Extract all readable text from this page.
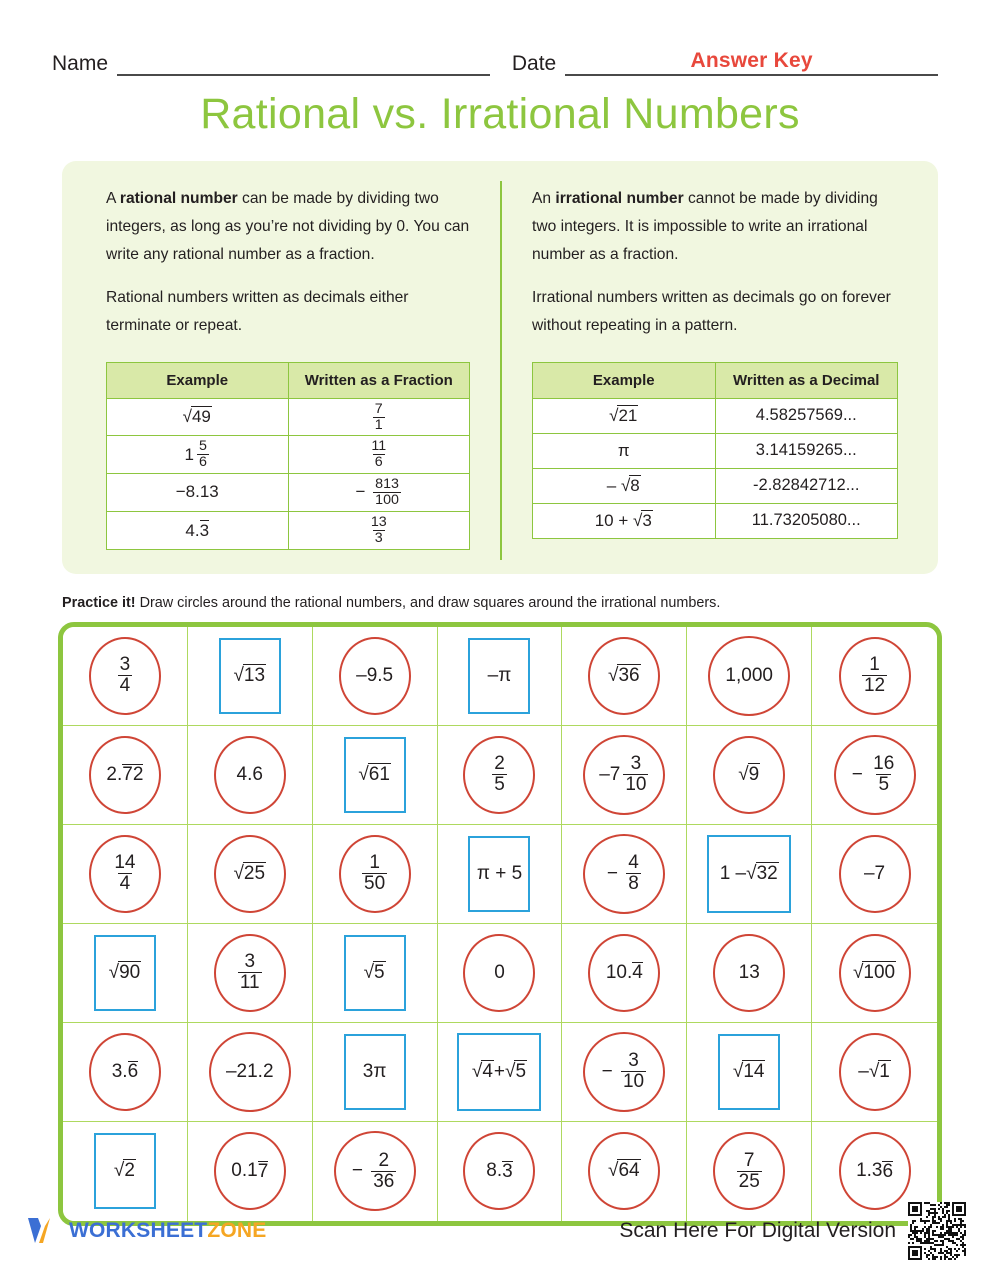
Name	Date	Answer Key
Rational vs. Irrational Numbers

A rational number can be made by dividing two integers, as long as you’re not dividing by 0. You can write any rational number as a fraction.

Rational numbers written as decimals either terminate or repeat.

Example	Written as a Fraction
√49	$\frac{7}{1}$

$1 \frac{5}{6}$	$\frac{11}{6}$

−8.13	− $\frac{813}{100}$

4.3	$\frac{13}{3}$

An irrational number cannot be made by dividing two integers. It is impossible to write an irrational number as a fraction.

Irrational numbers written as decimals go on forever without repeating in a pattern.

Example	Written as a Decimal
√21	4.58257569...
π	3.14159265...
– √8	-2.82842712...
10 + √3	11.73205080...
Practice it! Draw circles around the rational numbers, and draw squares around the irrational numbers.
$\frac{3}{4}$	√13	–9.5	–π	√36	1,000	$\frac{1}{12}$
2. 72	4.6	√61	$\frac{2}{5}$	$-7 \frac{3}{10}$	√9	− $\frac{16}{5}$
$\frac{14}{4}$	√25	$\frac{1}{50}$	π + 5	− $\frac{4}{8}$	1 – √32	–7
√90	$\frac{3}{11}$	√5	0	10. 4	13	√100
3. 6	–21.2	3π	√4 + √5	− $\frac{3}{10}$	√14	– √1
√2	0.1 7	− $\frac{2}{36}$	8. 3	√64	$\frac{7}{25}$	1.3 6
WORKSHEETZONE	Scan Here For Digital Version
